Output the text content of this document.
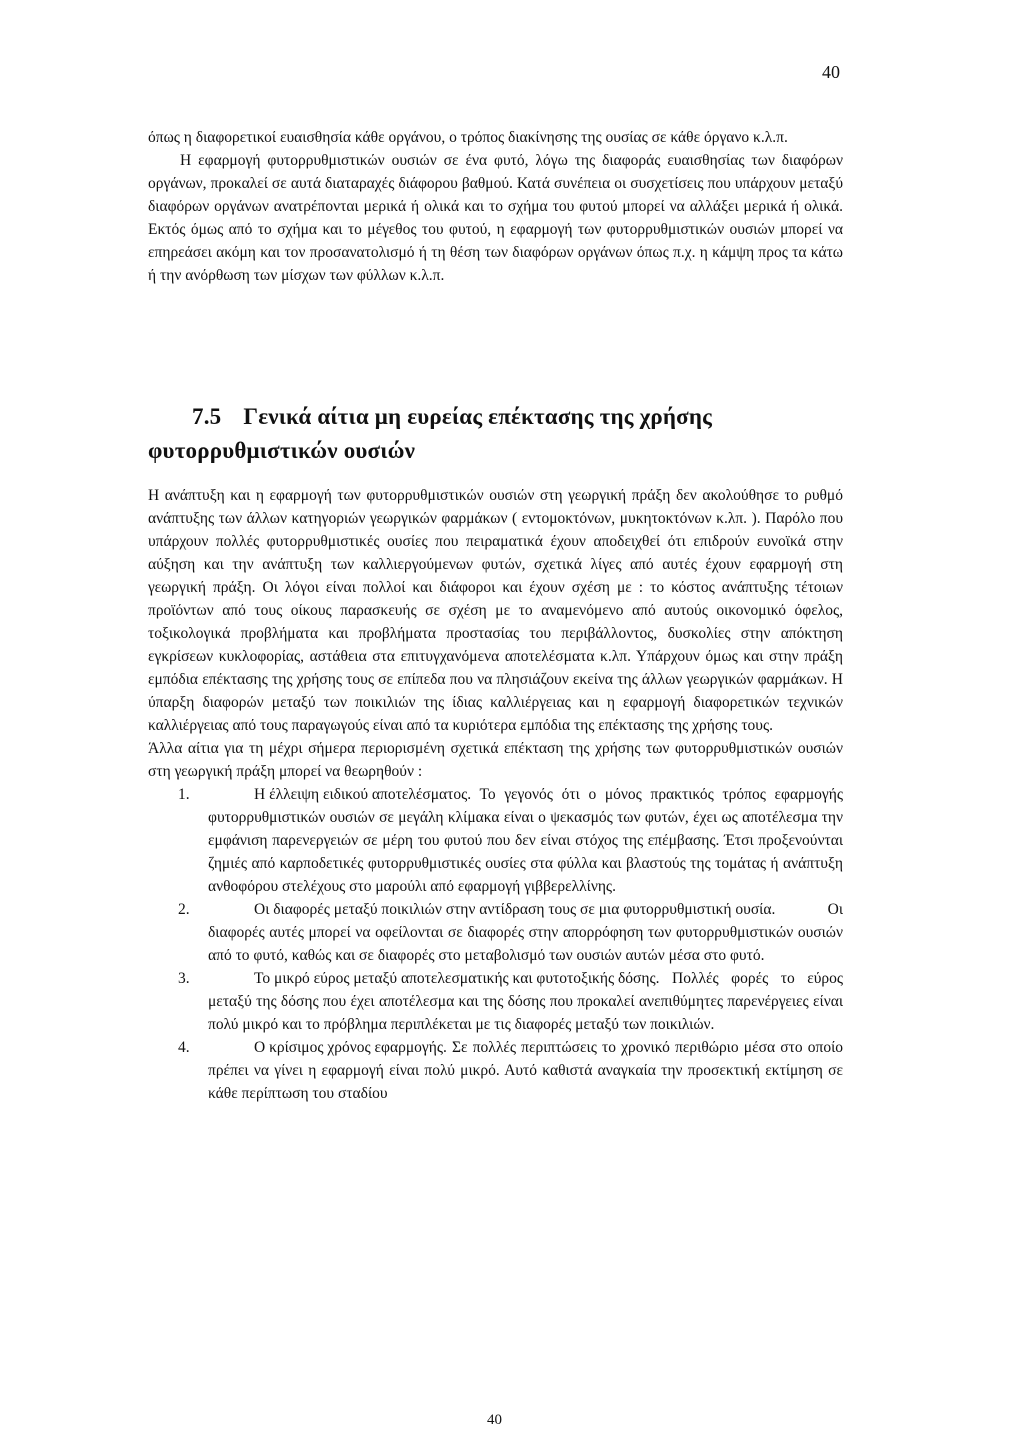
40

όπως η διαφορετικοί ευαισθησία κάθε οργάνου, ο τρόπος διακίνησης της ουσίας σε κάθε όργανο κ.λ.π.

Η εφαρμογή φυτορρυθμιστικών ουσιών σε ένα φυτό, λόγω της διαφοράς ευαισθησίας των διαφόρων οργάνων, προκαλεί σε αυτά διαταραχές διάφορου βαθμού. Κατά συνέπεια οι συσχετίσεις που υπάρχουν μεταξύ διαφόρων οργάνων ανατρέπονται μερικά ή ολικά και το σχήμα του φυτού μπορεί να αλλάξει μερικά ή ολικά. Εκτός όμως από το σχήμα και το μέγεθος του φυτού, η εφαρμογή των φυτορρυθμιστικών ουσιών μπορεί να επηρεάσει ακόμη και τον προσανατολισμό ή τη θέση των διαφόρων οργάνων όπως π.χ. η κάμψη προς τα κάτω ή την ανόρθωση των μίσχων των φύλλων κ.λ.π.

7.5 Γενικά αίτια μη ευρείας επέκτασης της χρήσης φυτορρυθμιστικών ουσιών

Η ανάπτυξη και η εφαρμογή των φυτορρυθμιστικών ουσιών στη γεωργική πράξη δεν ακολούθησε το ρυθμό ανάπτυξης των άλλων κατηγοριών γεωργικών φαρμάκων ( εντομοκτόνων, μυκητοκτόνων κ.λπ. ). Παρόλο που υπάρχουν πολλές φυτορρυθμιστικές ουσίες που πειραματικά έχουν αποδειχθεί ότι επιδρούν ευνοϊκά στην αύξηση και την ανάπτυξη των καλλιεργούμενων φυτών, σχετικά λίγες από αυτές έχουν εφαρμογή στη γεωργική πράξη. Οι λόγοι είναι πολλοί και διάφοροι και έχουν σχέση με : το κόστος ανάπτυξης τέτοιων προϊόντων από τους οίκους παρασκευής σε σχέση με το αναμενόμενο από αυτούς οικονομικό όφελος, τοξικολογικά προβλήματα και προβλήματα προστασίας του περιβάλλοντος, δυσκολίες στην απόκτηση εγκρίσεων κυκλοφορίας, αστάθεια στα επιτυγχανόμενα αποτελέσματα κ.λπ. Υπάρχουν όμως και στην πράξη εμπόδια επέκτασης της χρήσης τους σε επίπεδα που να πλησιάζουν εκείνα της άλλων γεωργικών φαρμάκων. Η ύπαρξη διαφορών μεταξύ των ποικιλιών της ίδιας καλλιέργειας και η εφαρμογή διαφορετικών τεχνικών καλλιέργειας από τους παραγωγούς είναι από τα κυριότερα εμπόδια της επέκτασης της χρήσης τους.

Άλλα αίτια για τη μέχρι σήμερα περιορισμένη σχετικά επέκταση της χρήσης των φυτορρυθμιστικών ουσιών στη γεωργική πράξη μπορεί να θεωρηθούν :

1.	Η έλλειψη ειδικού αποτελέσματος. Το γεγονός ότι ο μόνος πρακτικός τρόπος εφαρμογής φυτορρυθμιστικών ουσιών σε μεγάλη κλίμακα είναι ο ψεκασμός των φυτών, έχει ως αποτέλεσμα την εμφάνιση παρενεργειών σε μέρη του φυτού που δεν είναι στόχος της επέμβασης. Έτσι προξενούνται ζημιές από καρποδετικές φυτορρυθμιστικές ουσίες στα φύλλα και βλαστούς της τομάτας ή ανάπτυξη ανθοφόρου στελέχους στο μαρούλι από εφαρμογή γιββερελλίνης.
2.	Οι διαφορές μεταξύ ποικιλιών στην αντίδραση τους σε μια φυτορρυθμιστική ουσία. Οι διαφορές αυτές μπορεί να οφείλονται σε διαφορές στην απορρόφηση των φυτορρυθμιστικών ουσιών από το φυτό, καθώς και σε διαφορές στο μεταβολισμό των ουσιών αυτών μέσα στο φυτό.
3.	Το μικρό εύρος μεταξύ αποτελεσματικής και φυτοτοξικής δόσης. Πολλές φορές το εύρος μεταξύ της δόσης που έχει αποτέλεσμα και της δόσης που προκαλεί ανεπιθύμητες παρενέργειες είναι πολύ μικρό και το πρόβλημα περιπλέκεται με τις διαφορές μεταξύ των ποικιλιών.
4.	Ο κρίσιμος χρόνος εφαρμογής. Σε πολλές περιπτώσεις το χρονικό περιθώριο μέσα στο οποίο πρέπει να γίνει η εφαρμογή είναι πολύ μικρό. Αυτό καθιστά αναγκαία την προσεκτική εκτίμηση σε κάθε περίπτωση του σταδίου
40
